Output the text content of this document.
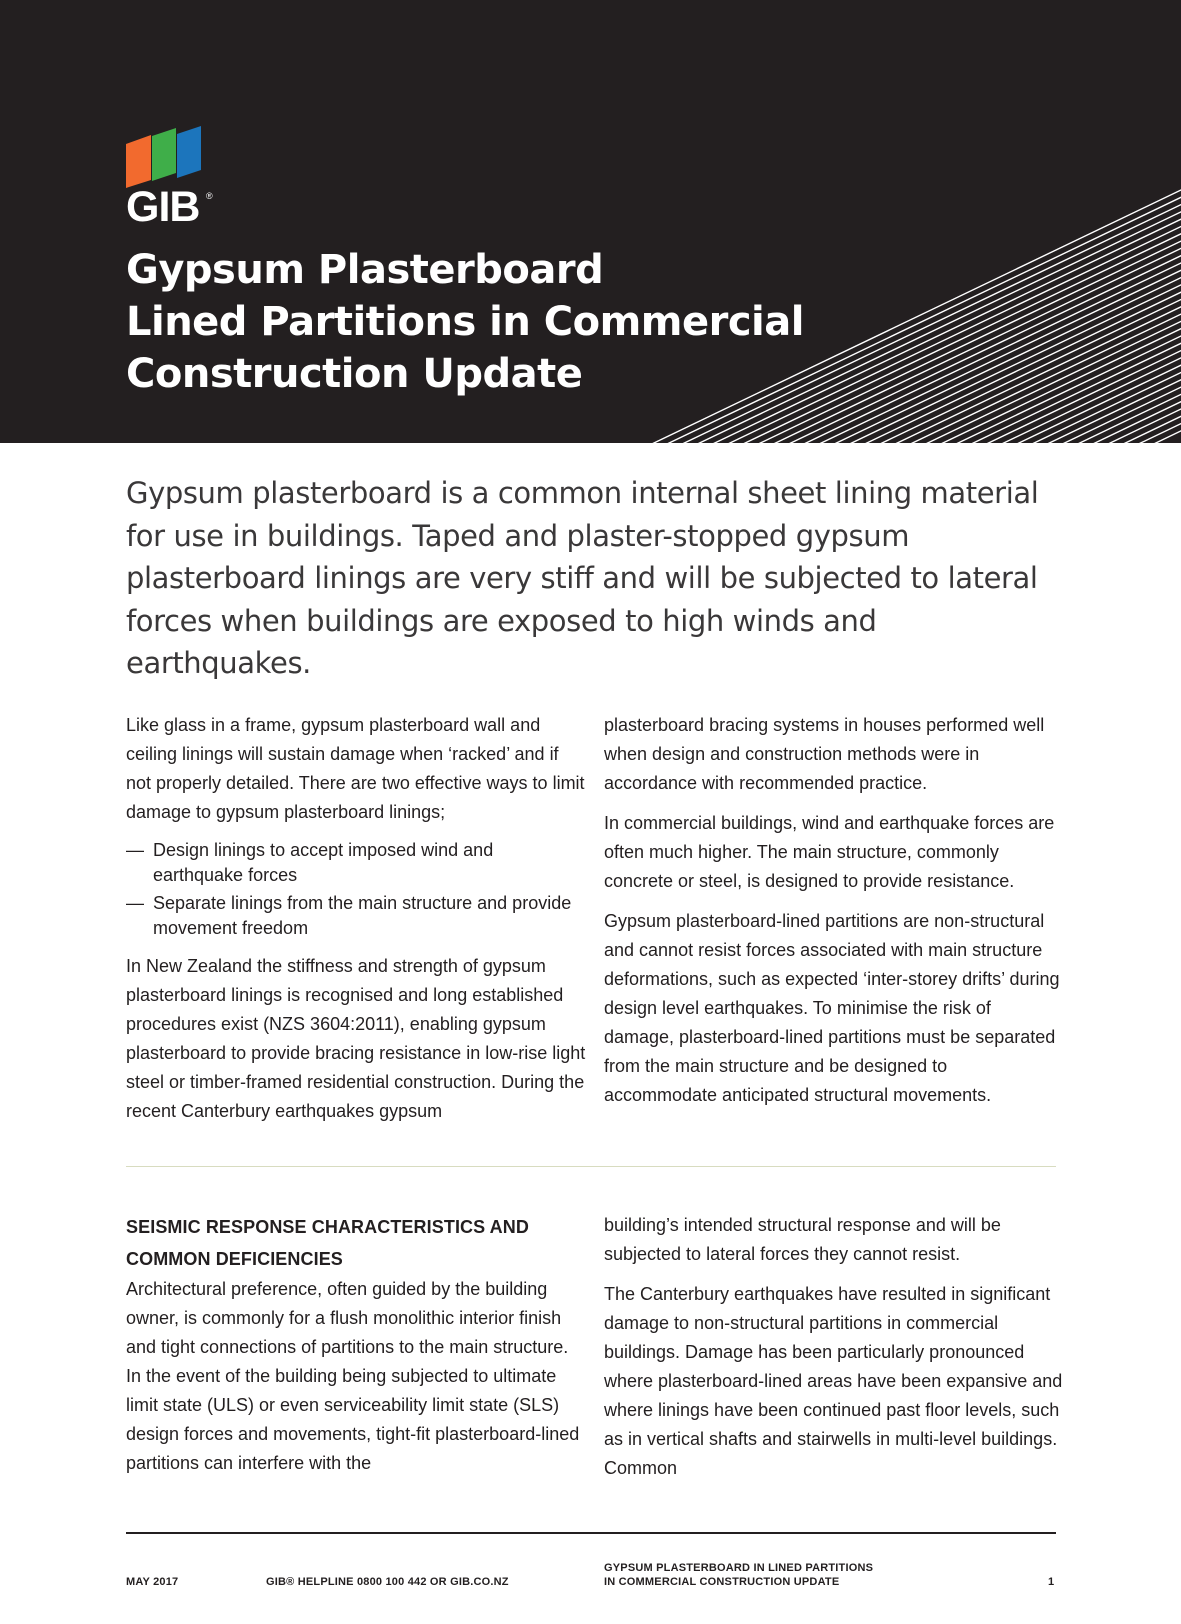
GIB ®
Gypsum Plasterboard
Lined Partitions in Commercial
Construction Update

Gypsum plasterboard is a common internal sheet lining material for use in buildings. Taped and plaster-stopped gypsum plasterboard linings are very stiff and will be subjected to lateral forces when buildings are exposed to high winds and earthquakes.

Like glass in a frame, gypsum plasterboard wall and ceiling linings will sustain damage when ‘racked’ and if not properly detailed. There are two effective ways to limit damage to gypsum plasterboard linings;

— Design linings to accept imposed wind and earthquake forces
— Separate linings from the main structure and provide movement freedom

In New Zealand the stiffness and strength of gypsum plasterboard linings is recognised and long established procedures exist (NZS 3604:2011), enabling gypsum plasterboard to provide bracing resistance in low-rise light steel or timber-framed residential construction. During the recent Canterbury earthquakes gypsum

plasterboard bracing systems in houses performed well when design and construction methods were in accordance with recommended practice.

In commercial buildings, wind and earthquake forces are often much higher. The main structure, commonly concrete or steel, is designed to provide resistance.

Gypsum plasterboard-lined partitions are non-structural and cannot resist forces associated with main structure deformations, such as expected ‘inter-storey drifts’ during design level earthquakes. To minimise the risk of damage, plasterboard-lined partitions must be separated from the main structure and be designed to accommodate anticipated structural movements.

SEISMIC RESPONSE CHARACTERISTICS AND COMMON DEFICIENCIES

Architectural preference, often guided by the building owner, is commonly for a flush monolithic interior finish and tight connections of partitions to the main structure. In the event of the building being subjected to ultimate limit state (ULS) or even serviceability limit state (SLS) design forces and movements, tight-fit plasterboard-lined partitions can interfere with the

building’s intended structural response and will be subjected to lateral forces they cannot resist.

The Canterbury earthquakes have resulted in significant damage to non-structural partitions in commercial buildings. Damage has been particularly pronounced where plasterboard-lined areas have been expansive and where linings have been continued past floor levels, such as in vertical shafts and stairwells in multi-level buildings. Common

MAY 2017	GIB® HELPLINE 0800 100 442 OR GIB.CO.NZ
GYPSUM PLASTERBOARD IN LINED PARTITIONS
IN COMMERCIAL CONSTRUCTION UPDATE	1
